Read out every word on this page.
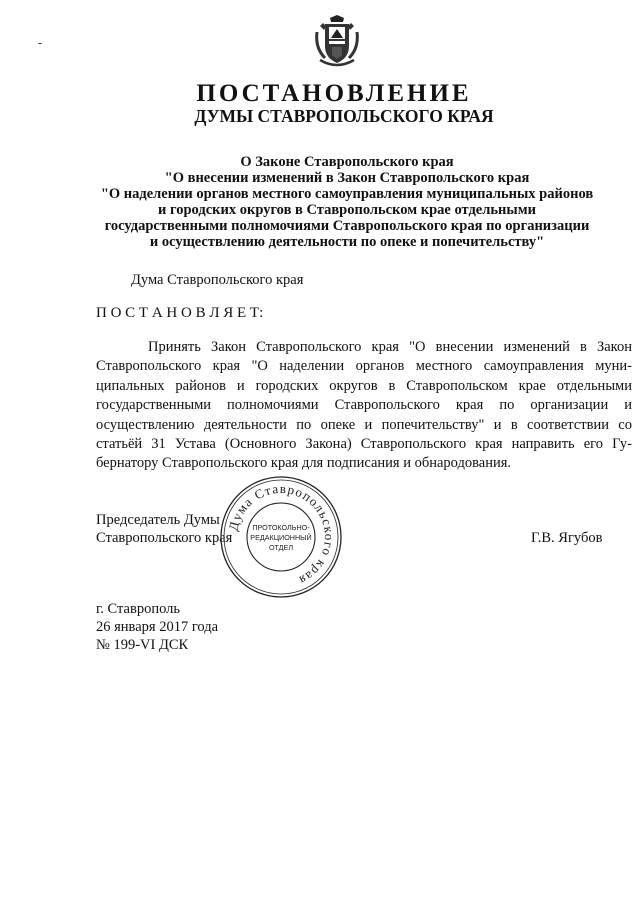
ПОСТАНОВЛЕНИЕ
ДУМЫ СТАВРОПОЛЬСКОГО КРАЯ
О Законе Ставропольского края
"О внесении изменений в Закон Ставропольского края
"О наделении органов местного самоуправления муниципальных районов
и городских округов в Ставропольском крае отдельными
государственными полномочиями Ставропольского края по организации
и осуществлению деятельности по опеке и попечительству"
Дума Ставропольского края
П О С Т А Н О В Л Я Е Т:
Принять Закон Ставропольского края "О внесении изменений в Закон
Ставропольского края "О наделении органов местного самоуправления муни-
ципальных районов и городских округов в Ставропольском крае отдельными
государственными полномочиями Ставропольского края по организации и
осуществлению деятельности по опеке и попечительству" и в соответствии со
статьёй 31 Устава (Основного Закона) Ставропольского края направить его Гу-
бернатору Ставропольского края для подписания и обнародования.
Председатель Думы
Ставропольского края	Г.В. Ягубов
Дума Ставропольского края
ПРОТОКОЛЬНО-
РЕДАКЦИОННЫЙ
ОТДЕЛ
г. Ставрополь
26 января 2017 года
№ 199-VI ДСК
